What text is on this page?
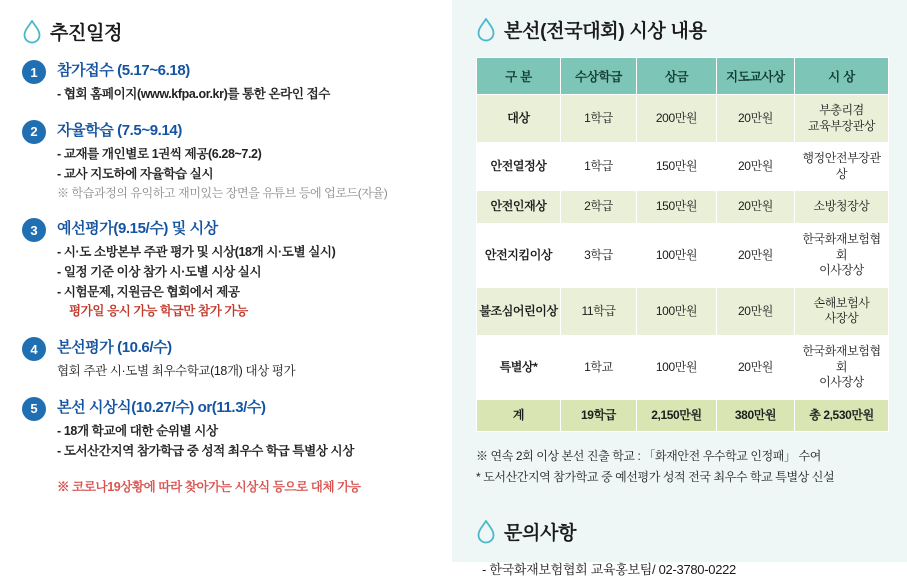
추진일정
1	참가접수 (5.17~6.18)
- 협회 홈페이지(www.kfpa.or.kr)를 통한 온라인 접수
2	자율학습 (7.5~9.14)
- 교재를 개인별로 1권씩 제공(6.28~7.2)
- 교사 지도하에 자율학습 실시
※ 학습과정의 유익하고 재미있는 장면을 유튜브 등에 업로드(자율)
3	예선평가(9.15/수) 및 시상
- 시·도 소방본부 주관 평가 및 시상(18개 시·도별 실시)
- 일정 기준 이상 참가 시·도별 시상 실시
- 시험문제, 지원금은 협회에서 제공
평가일 응시 가능 학급만 참가 가능
4	본선평가 (10.6/수)
협회 주관 시·도별 최우수학교(18개) 대상 평가
5	본선 시상식(10.27/수) or(11.3/수)
- 18개 학교에 대한 순위별 시상
- 도서산간지역 참가학급 중 성적 최우수 학급 특별상 시상
※ 코로나19상황에 따라 찾아가는 시상식 등으로 대체 가능
본선(전국대회) 시상 내용
구 분	수상학급	상금	지도교사상	시 상
대상	1학급	200만원	20만원	부총리겸
교육부장관상
안전열정상	1학급	150만원	20만원	행정안전부장관상
안전인재상	2학급	150만원	20만원	소방청장상
안전지킴이상	3학급	100만원	20만원	한국화재보험협회
이사장상
불조심어린이상	11학급	100만원	20만원	손해보험사
사장상
특별상*	1학교	100만원	20만원	한국화재보험협회
이사장상
계	19학급	2,150만원	380만원	총 2,530만원
※ 연속 2회 이상 본선 진출 학교 : 「화재안전 우수학교 인정패」 수여
* 도서산간지역 참가학교 중 예선평가 성적 전국 최우수 학교 특별상 신설
문의사항
- 한국화재보험협회 교육홍보팀/ 02-3780-0222
